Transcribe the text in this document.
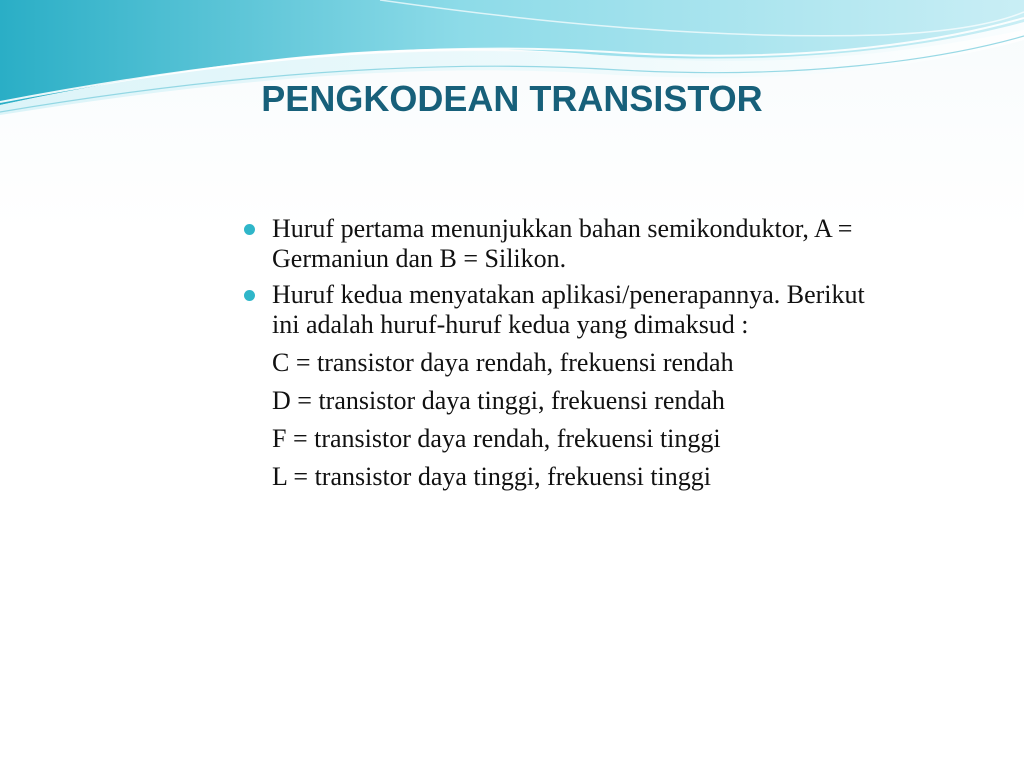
PENGKODEAN TRANSISTOR
Huruf pertama menunjukkan bahan semikonduktor, A = Germaniun dan B = Silikon.
Huruf kedua menyatakan aplikasi/penerapannya. Berikut ini adalah huruf-huruf kedua yang dimaksud :
C = transistor daya rendah, frekuensi rendah
D = transistor daya tinggi, frekuensi rendah
F = transistor daya rendah, frekuensi tinggi
L = transistor daya tinggi, frekuensi tinggi
